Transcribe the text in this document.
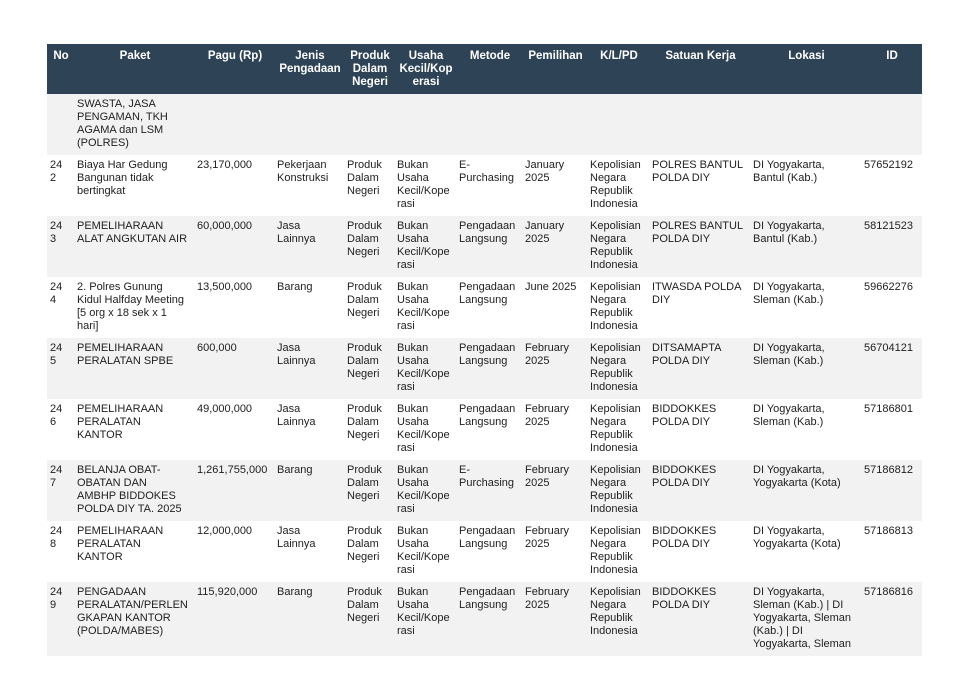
No	Paket	Pagu (Rp)	Jenis Pengadaan	Produk Dalam Negeri	Usaha Kecil/Koperasi	Metode	Pemilihan	K/L/PD	Satuan Kerja	Lokasi	ID
	SWASTA, JASA PENGAMAN, TKH AGAMA dan LSM (POLRES)										
242	Biaya Har Gedung Bangunan tidak bertingkat	23,170,000	Pekerjaan Konstruksi	Produk Dalam Negeri	Bukan Usaha Kecil/Koperasi	E-Purchasing	January 2025	Kepolisian Negara Republik Indonesia	POLRES BANTUL POLDA DIY	DI Yogyakarta, Bantul (Kab.)	57652192
243	PEMELIHARAAN ALAT ANGKUTAN AIR	60,000,000	Jasa Lainnya	Produk Dalam Negeri	Bukan Usaha Kecil/Koperasi	Pengadaan Langsung	January 2025	Kepolisian Negara Republik Indonesia	POLRES BANTUL POLDA DIY	DI Yogyakarta, Bantul (Kab.)	58121523
244	2. Polres Gunung Kidul Halfday Meeting [5 org x 18 sek x 1 hari]	13,500,000	Barang	Produk Dalam Negeri	Bukan Usaha Kecil/Koperasi	Pengadaan Langsung	June 2025	Kepolisian Negara Republik Indonesia	ITWASDA POLDA DIY	DI Yogyakarta, Sleman (Kab.)	59662276
245	PEMELIHARAAN PERALATAN SPBE	600,000	Jasa Lainnya	Produk Dalam Negeri	Bukan Usaha Kecil/Koperasi	Pengadaan Langsung	February 2025	Kepolisian Negara Republik Indonesia	DITSAMAPTA POLDA DIY	DI Yogyakarta, Sleman (Kab.)	56704121
246	PEMELIHARAAN PERALATAN KANTOR	49,000,000	Jasa Lainnya	Produk Dalam Negeri	Bukan Usaha Kecil/Koperasi	Pengadaan Langsung	February 2025	Kepolisian Negara Republik Indonesia	BIDDOKKES POLDA DIY	DI Yogyakarta, Sleman (Kab.)	57186801
247	BELANJA OBAT-OBATAN DAN AMBHP BIDDOKES POLDA DIY TA. 2025	1,261,755,000	Barang	Produk Dalam Negeri	Bukan Usaha Kecil/Koperasi	E-Purchasing	February 2025	Kepolisian Negara Republik Indonesia	BIDDOKKES POLDA DIY	DI Yogyakarta, Yogyakarta (Kota)	57186812
248	PEMELIHARAAN PERALATAN KANTOR	12,000,000	Jasa Lainnya	Produk Dalam Negeri	Bukan Usaha Kecil/Koperasi	Pengadaan Langsung	February 2025	Kepolisian Negara Republik Indonesia	BIDDOKKES POLDA DIY	DI Yogyakarta, Yogyakarta (Kota)	57186813
249	PENGADAAN PERALATAN/PERLENGKAPAN KANTOR (POLDA/MABES)	115,920,000	Barang	Produk Dalam Negeri	Bukan Usaha Kecil/Koperasi	Pengadaan Langsung	February 2025	Kepolisian Negara Republik Indonesia	BIDDOKKES POLDA DIY	DI Yogyakarta, Sleman (Kab.) | DI Yogyakarta, Sleman (Kab.) | DI Yogyakarta, Sleman	57186816
